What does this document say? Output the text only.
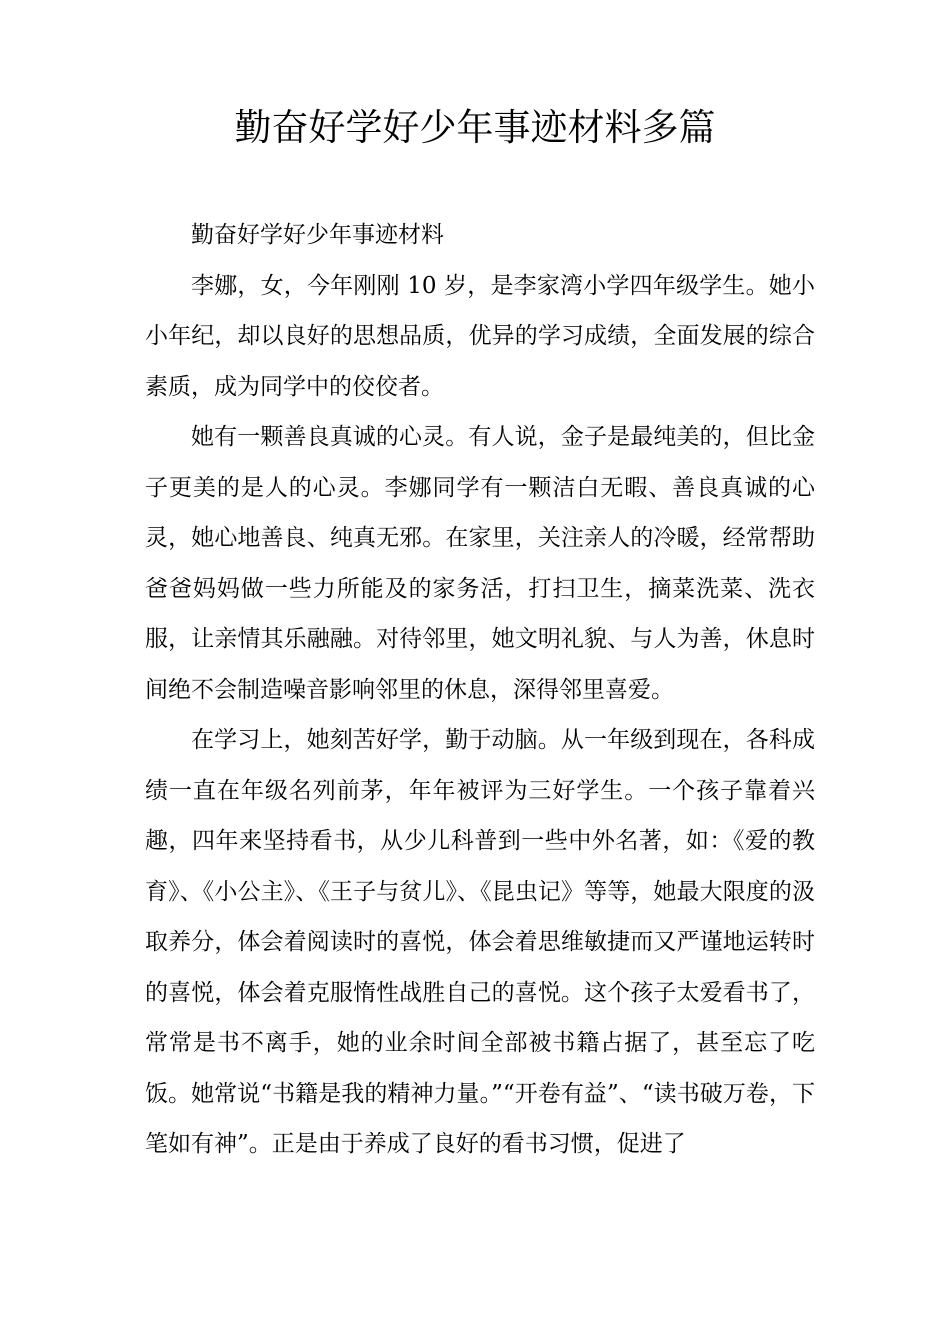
勤奋好学好少年事迹材料多篇

勤奋好学好少年事迹材料

李娜，女，今年刚刚 10 岁，是李家湾小学四年级学生。她小小年纪，却以良好的思想品质，优异的学习成绩，全面发展的综合素质，成为同学中的佼佼者。

她有一颗善良真诚的心灵。有人说，金子是最纯美的，但比金子更美的是人的心灵。李娜同学有一颗洁白无暇、善良真诚的心灵，她心地善良、纯真无邪。在家里，关注亲人的冷暖，经常帮助爸爸妈妈做一些力所能及的家务活，打扫卫生，摘菜洗菜、洗衣服，让亲情其乐融融。对待邻里，她文明礼貌、与人为善，休息时间绝不会制造噪音影响邻里的休息，深得邻里喜爱。

在学习上，她刻苦好学，勤于动脑。从一年级到现在，各科成绩一直在年级名列前茅，年年被评为三好学生。一个孩子靠着兴趣，四年来坚持看书，从少儿科普到一些中外名著，如：《爱的教育》、《小公主》、《王子与贫儿》、《昆虫记》等等，她最大限度的汲取养分，体会着阅读时的喜悦，体会着思维敏捷而又严谨地运转时的喜悦，体会着克服惰性战胜自己的喜悦。这个孩子太爱看书了，常常是书不离手，她的业余时间全部被书籍占据了，甚至忘了吃饭。她常说“书籍是我的精神力量。”“开卷有益”、“读书破万卷，下笔如有神”。正是由于养成了良好的看书习惯，促进了
